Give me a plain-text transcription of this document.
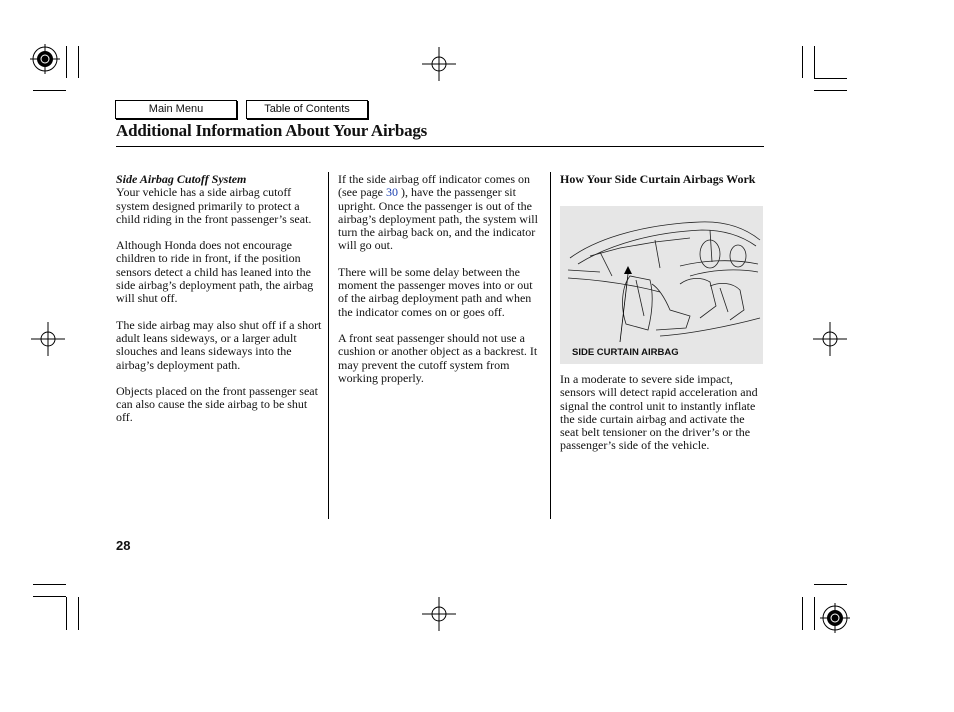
Main Menu	Table of Contents
Additional Information About Your Airbags
Side Airbag Cutoff System

Your vehicle has a side airbag cutoff system designed primarily to protect a child riding in the front passenger’s seat.

Although Honda does not encourage children to ride in front, if the position sensors detect a child has leaned into the side airbag’s deployment path, the airbag will shut off.

The side airbag may also shut off if a short adult leans sideways, or a larger adult slouches and leans sideways into the airbag’s deployment path.

Objects placed on the front passenger seat can also cause the side airbag to be shut off.

If the side airbag off indicator comes on (see page 30 ), have the passenger sit upright. Once the passenger is out of the airbag’s deployment path, the system will turn the airbag back on, and the indicator will go out.

There will be some delay between the moment the passenger moves into or out of the airbag deployment path and when the indicator comes on or goes off.

A front seat passenger should not use a cushion or another object as a backrest. It may prevent the cutoff system from working properly.

How Your Side Curtain Airbags Work
SIDE CURTAIN AIRBAG

In a moderate to severe side impact, sensors will detect rapid acceleration and signal the control unit to instantly inflate the side curtain airbag and activate the seat belt tensioner on the driver’s or the passenger’s side of the vehicle.

28
